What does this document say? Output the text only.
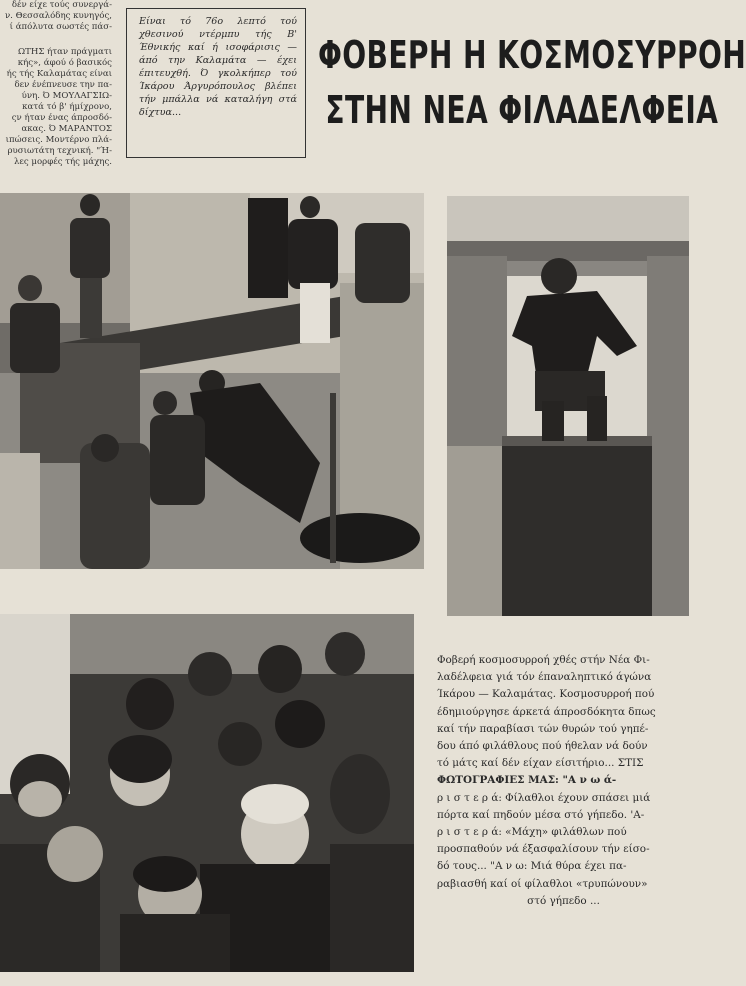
δέν είχε τούς συνεργά-
ν. Θεσσαλόδης κυνηγός,
ί άπόλυτα σωστές πάσ-
ΩΤΗΣ ήταν πράγματι
κής», άφού ό βασικός
ής τής Καλαμάτας είναι
δεν ένέπνευσε την πα-
ύνη. Ό ΜΟΥΛΑΓΣΙΩ-
κατά τό β' ήμίχρονο,
ςν ήταν ένας άπροσδό-
ακας. Ό ΜΑΡΑΝΤΟΣ
ιπώσεις. Μοντέρνο πλά-
ρυσιωτάτη τεχνική. "Ή-
λες μορφές τής μάχης.
Είναι τό 76ο λεπτό τού χθεσινού ντέρμπυ τής Β' Έθνικής καί ή ισοφάρισις — άπό την Καλαμάτα — έχει έπιτευχθή. Ό γκολκήπερ τού Ίκάρου Άργυρόπουλος βλέπει τήν μπάλλα νά καταλήγη στά δίχτυα...
ΦΟΒΕΡΗ Η ΚΟΣΜΟΣΥΡΡΟΗ
ΣΤΗΝ ΝΕΑ ΦΙΛΑΔΕΛΦΕΙΑ
Φοβερή κοσμοσυρροή χθές στήν Νέα Φι-
λαδέλφεια γιά τόν έπαναληπτικό άγώνα
Ίκάρου — Καλαμάτας. Κοσμοσυρροή πού
έδημιούργησε άρκετά άπροσδόκητα δπως
καί τήν παραβίασι τών θυρών τού γηπέ-
δου άπό φιλάθλους πού ήθελαν νά δούν
τό μάτς καί δέν είχαν είσιτήριο... ΣΤΙΣ
ΦΩΤΟΓΡΑΦΙΕΣ ΜΑΣ: "Α ν ω ά-
ρ ι σ τ ε ρ ά: Φίλαθλοι έχουν σπάσει μιά
πόρτα καί πηδούν μέσα στό γήπεδο. 'Α-
ρ ι σ τ ε ρ ά: «Μάχη» φιλάθλων πού
προσπαθούν νά έξασφαλίσουν τήν είσο-
δό τους... "Α ν ω: Μιά θύρα έχει πα-
ραβιασθή καί οί φίλαθλοι «τρυπώνουν»
στό γήπεδο ...
